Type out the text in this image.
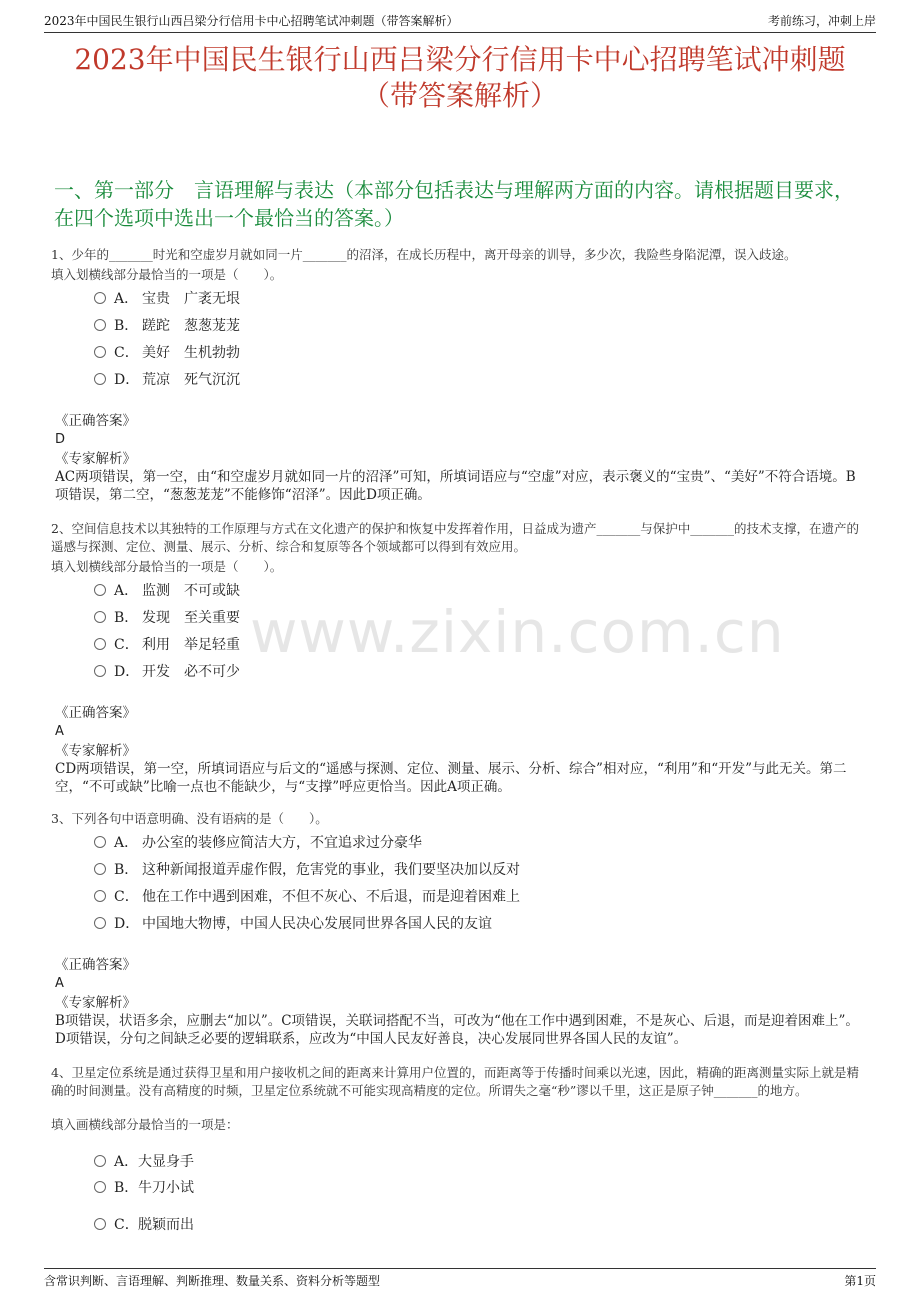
2023年中国民生银行山西吕梁分行信用卡中心招聘笔试冲刺题（带答案解析）	考前练习，冲刺上岸
2023年中国民生银行山西吕梁分行信用卡中心招聘笔试冲刺题
（带答案解析）
一、第一部分　言语理解与表达（本部分包括表达与理解两方面的内容。请根据题目要求，在四个选项中选出一个最恰当的答案。）
www.zixin.com.cn
1、少年的_______时光和空虚岁月就如同一片_______的沼泽，在成长历程中，离开母亲的训导，多少次，我险些身陷泥潭，误入歧途。
填入划横线部分最恰当的一项是（　　）。
A． 宝贵　广袤无垠
B． 蹉跎　葱葱茏茏
C． 美好　生机勃勃
D． 荒凉　死气沉沉
《正确答案》
D
《专家解析》
AC两项错误，第一空，由“和空虚岁月就如同一片的沼泽”可知，所填词语应与“空虚”对应，表示褒义的“宝贵”、“美好”不符合语境。B项错误，第二空，“葱葱茏茏”不能修饰“沼泽”。因此D项正确。
2、空间信息技术以其独特的工作原理与方式在文化遗产的保护和恢复中发挥着作用，日益成为遗产_______与保护中_______的技术支撑，在遗产的遥感与探测、定位、测量、展示、分析、综合和复原等各个领域都可以得到有效应用。
填入划横线部分最恰当的一项是（　　）。
A． 监测　不可或缺
B． 发现　至关重要
C． 利用　举足轻重
D． 开发　必不可少
《正确答案》
A
《专家解析》
CD两项错误，第一空，所填词语应与后文的“遥感与探测、定位、测量、展示、分析、综合”相对应，“利用”和“开发”与此无关。第二空，“不可或缺”比喻一点也不能缺少，与“支撑”呼应更恰当。因此A项正确。
3、下列各句中语意明确、没有语病的是（　　）。
A． 办公室的装修应简洁大方，不宜追求过分豪华
B． 这种新闻报道弄虚作假，危害党的事业，我们要坚决加以反对
C． 他在工作中遇到困难，不但不灰心、不后退，而是迎着困难上
D． 中国地大物博，中国人民决心发展同世界各国人民的友谊
《正确答案》
A
《专家解析》
B项错误，状语多余，应删去“加以”。C项错误，关联词搭配不当，可改为“他在工作中遇到困难，不是灰心、后退，而是迎着困难上”。D项错误，分句之间缺乏必要的逻辑联系，应改为“中国人民友好善良，决心发展同世界各国人民的友谊”。
4、卫星定位系统是通过获得卫星和用户接收机之间的距离来计算用户位置的，而距离等于传播时间乘以光速，因此，精确的距离测量实际上就是精确的时间测量。没有高精度的时频，卫星定位系统就不可能实现高精度的定位。所谓失之毫“秒”谬以千里，这正是原子钟_______的地方。
填入画横线部分最恰当的一项是：
A．大显身手
B．牛刀小试
C．脱颖而出
含常识判断、言语理解、判断推理、数量关系、资料分析等题型	第1页
